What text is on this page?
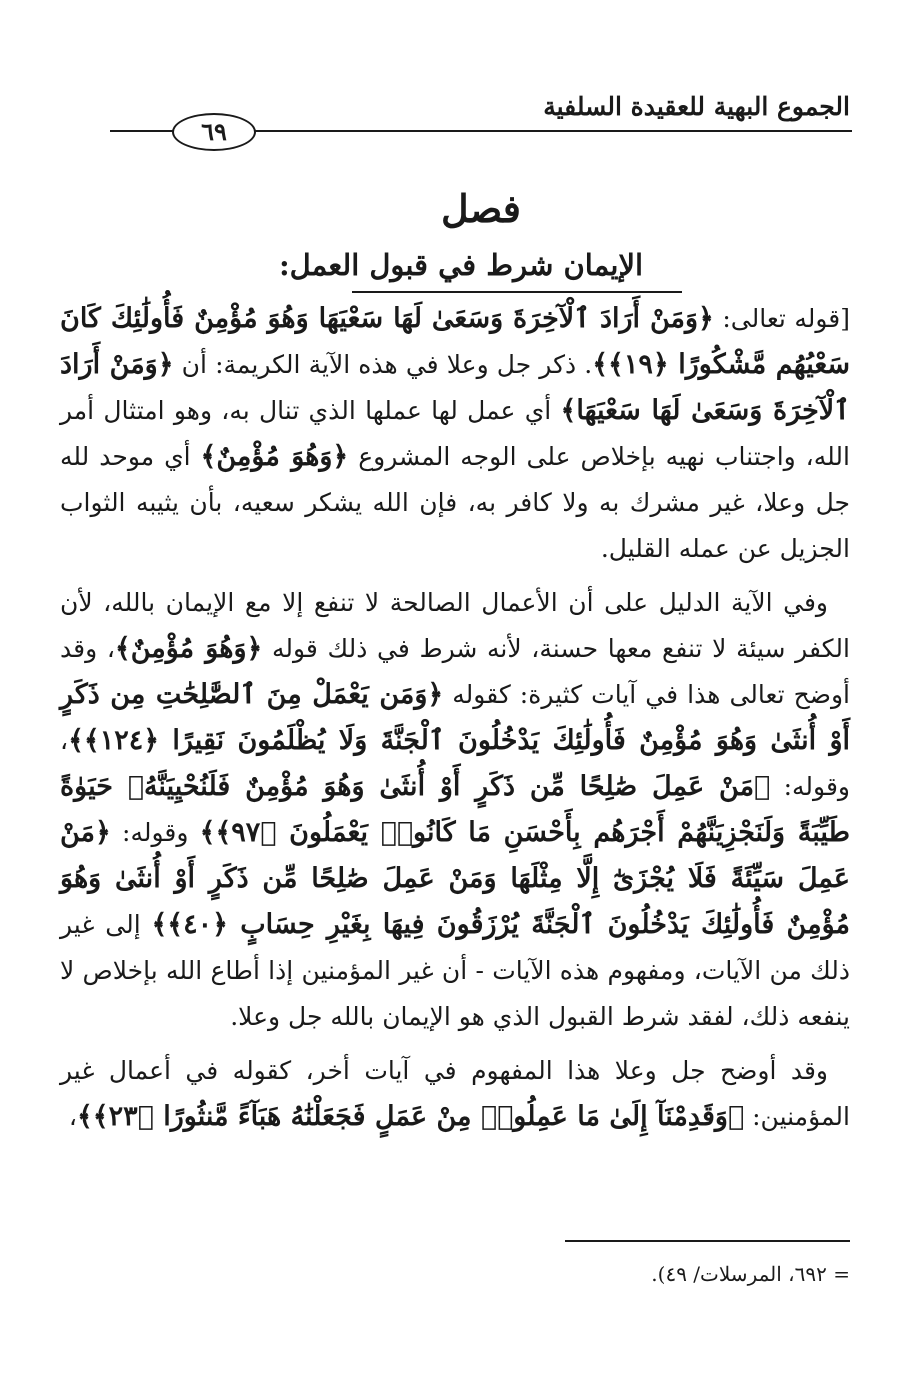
الجموع البهية للعقيدة السلفية
٦٩
فصل
الإيمان شرط في قبول العمل:

[قوله تعالى: ﴿وَمَنْ أَرَادَ ٱلْآخِرَةَ وَسَعَىٰ لَهَا سَعْيَهَا وَهُوَ مُؤْمِنٌ فَأُولَٰئِكَ كَانَ سَعْيُهُم مَّشْكُورًا ﴿١٩﴾﴾. ذكر جل وعلا في هذه الآية الكريمة: أن ﴿وَمَنْ أَرَادَ ٱلْآخِرَةَ وَسَعَىٰ لَهَا سَعْيَهَا﴾ أي عمل لها عملها الذي تنال به، وهو امتثال أمر الله، واجتناب نهيه بإخلاص على الوجه المشروع ﴿وَهُوَ مُؤْمِنٌ﴾ أي موحد لله جل وعلا، غير مشرك به ولا كافر به، فإن الله يشكر سعيه، بأن يثيبه الثواب الجزيل عن عمله القليل.

وفي الآية الدليل على أن الأعمال الصالحة لا تنفع إلا مع الإيمان بالله، لأن الكفر سيئة لا تنفع معها حسنة، لأنه شرط في ذلك قوله ﴿وَهُوَ مُؤْمِنٌ﴾، وقد أوضح تعالى هذا في آيات كثيرة: كقوله ﴿وَمَن يَعْمَلْ مِنَ ٱلصَّٰلِحَٰتِ مِن ذَكَرٍ أَوْ أُنثَىٰ وَهُوَ مُؤْمِنٌ فَأُولَٰئِكَ يَدْخُلُونَ ٱلْجَنَّةَ وَلَا يُظْلَمُونَ نَقِيرًا ﴿١٢٤﴾﴾، وقوله: ﴿مَنْ عَمِلَ صَٰلِحًا مِّن ذَكَرٍ أَوْ أُنثَىٰ وَهُوَ مُؤْمِنٌ فَلَنُحْيِيَنَّهُۥ حَيَوٰةً طَيِّبَةً وَلَنَجْزِيَنَّهُمْ أَجْرَهُم بِأَحْسَنِ مَا كَانُوا۟ يَعْمَلُونَ ﴿٩٧﴾﴾ وقوله: ﴿مَنْ عَمِلَ سَيِّئَةً فَلَا يُجْزَىٰٓ إِلَّا مِثْلَهَا وَمَنْ عَمِلَ صَٰلِحًا مِّن ذَكَرٍ أَوْ أُنثَىٰ وَهُوَ مُؤْمِنٌ فَأُولَٰئِكَ يَدْخُلُونَ ٱلْجَنَّةَ يُرْزَقُونَ فِيهَا بِغَيْرِ حِسَابٍ ﴿٤٠﴾﴾ إلى غير ذلك من الآيات، ومفهوم هذه الآيات - أن غير المؤمنين إذا أطاع الله بإخلاص لا ينفعه ذلك، لفقد شرط القبول الذي هو الإيمان بالله جل وعلا.

وقد أوضح جل وعلا هذا المفهوم في آيات أخر، كقوله في أعمال غير المؤمنين: ﴿وَقَدِمْنَآ إِلَىٰ مَا عَمِلُوا۟ مِنْ عَمَلٍ فَجَعَلْنَٰهُ هَبَآءً مَّنثُورًا ﴿٢٣﴾﴾،

= ٦٩٢، المرسلات/ ٤٩).
